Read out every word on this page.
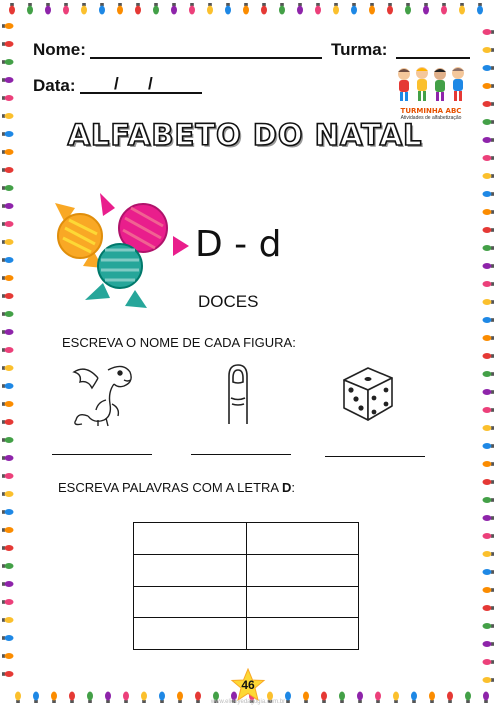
Nome:	Turma:
Data: / /
TURMINHA ABC
Atividades de alfabetização
ALFABETO DO NATAL
D - d
DOCES
ESCREVA O NOME DE CADA FIGURA:
ESCREVA PALAVRAS COM A LETRA D:

46
www.eliokyedagogia.com.br
